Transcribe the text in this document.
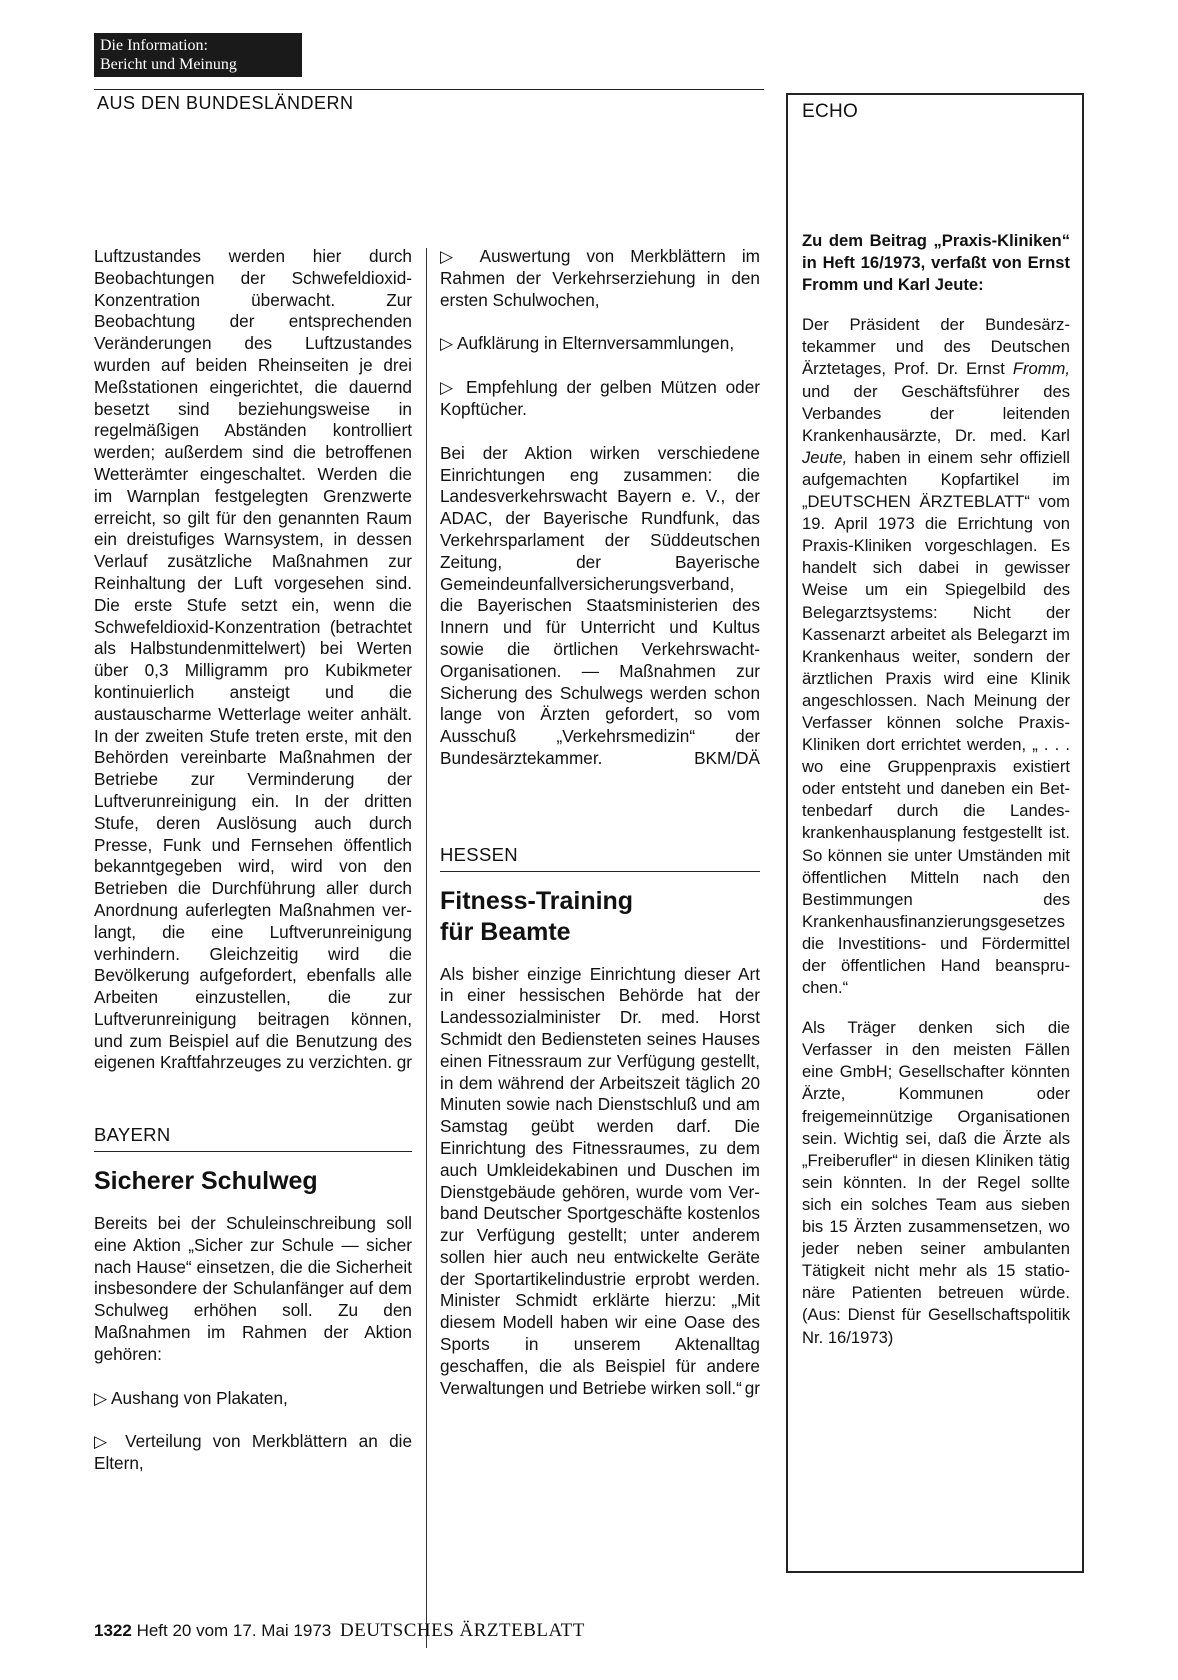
Die Information:
Bericht und Meinung
AUS DEN BUNDESLÄNDERN

Luftzustandes werden hier durch Beobachtungen der Schwefeldioxid-Konzentration überwacht. Zur Beobachtung der entsprechenden Veränderungen des Luftzustandes wurden auf beiden Rheinseiten je drei Meßstationen eingerichtet, die dauernd besetzt sind beziehungsweise in regelmäßigen Abständen kontrolliert werden; außerdem sind die betroffenen Wetterämter eingeschaltet. Werden die im Warnplan festgelegten Grenzwerte erreicht, so gilt für den genannten Raum ein dreistufiges Warnsystem, in dessen Verlauf zusätzliche Maßnahmen zur Reinhaltung der Luft vorgesehen sind. Die erste Stufe setzt ein, wenn die Schwefeldioxid-Konzentration (betrachtet als Halbstundenmittelwert) bei Werten über 0,3 Milligramm pro Kubikmeter kontinuierlich ansteigt und die austauscharme Wetterlage weiter anhält. In der zweiten Stufe treten erste, mit den Behörden vereinbarte Maßnahmen der Betriebe zur Verminderung der Luftverunreinigung ein. In der dritten Stufe, deren Auslösung auch durch Presse, Funk und Fernsehen öffentlich bekanntgegeben wird, wird von den Betrieben die Durchführung aller durch Anordnung auferlegten Maßnahmen verlangt, die eine Luftverunreinigung verhindern. Gleichzeitig wird die Bevölkerung aufgefordert, ebenfalls alle Arbeiten einzustellen, die zur Luftverunreinigung beitragen können, und zum Beispiel auf die Benutzung des eigenen Kraftfahrzeuges zu verzichten. gr

BAYERN
Sicherer Schulweg

Bereits bei der Schuleinschreibung soll eine Aktion „Sicher zur Schule — sicher nach Hause“ einsetzen, die die Sicherheit insbesondere der Schulanfänger auf dem Schulweg erhöhen soll. Zu den Maßnahmen im Rahmen der Aktion gehören:

▷ Aushang von Plakaten,

▷ Verteilung von Merkblättern an die Eltern,

▷ Auswertung von Merkblättern im Rahmen der Verkehrserziehung in den ersten Schulwochen,

▷ Aufklärung in Elternversammlungen,

▷ Empfehlung der gelben Mützen oder Kopftücher.

Bei der Aktion wirken verschiedene Einrichtungen eng zusammen: die Landesverkehrswacht Bayern e. V., der ADAC, der Bayerische Rundfunk, das Verkehrsparlament der Süddeutschen Zeitung, der Bayerische Gemeindeunfallversicherungsverband, die Bayerischen Staatsministerien des Innern und für Unterricht und Kultus sowie die örtlichen Verkehrswacht-Organisationen. — Maßnahmen zur Sicherung des Schulwegs werden schon lange von Ärzten gefordert, so vom Ausschuß „Verkehrsmedizin“ der Bundesärztekammer.	BKM/DÄ

HESSEN
Fitness-Training
für Beamte

Als bisher einzige Einrichtung dieser Art in einer hessischen Behörde hat der Landessozialminister Dr. med. Horst Schmidt den Bediensteten seines Hauses einen Fitnessraum zur Verfügung gestellt, in dem während der Arbeitszeit täglich 20 Minuten sowie nach Dienstschluß und am Samstag geübt werden darf. Die Einrichtung des Fitnessraumes, zu dem auch Umkleidekabinen und Duschen im Dienstgebäude gehören, wurde vom Verband Deutscher Sportgeschäfte kostenlos zur Verfügung gestellt; unter anderem sollen hier auch neu entwickelte Geräte der Sportartikelindustrie erprobt werden. Minister Schmidt erklärte hierzu: „Mit diesem Modell haben wir eine Oase des Sports in unserem Aktenalltag geschaffen, die als Beispiel für andere Verwaltungen und Betriebe wirken soll.“ gr

ECHO

Zu dem Beitrag „Praxis-Kliniken“ in Heft 16/1973, verfaßt von Ernst Fromm und Karl Jeute:

Der Präsident der Bundesärztekammer und des Deutschen Ärztetages, Prof. Dr. Ernst Fromm, und der Geschäftsführer des Verbandes der leitenden Krankenhausärzte, Dr. med. Karl Jeute, haben in einem sehr offiziell aufgemachten Kopfartikel im „DEUTSCHEN ÄRZTEBLATT“ vom 19. April 1973 die Errichtung von Praxis-Kliniken vorgeschlagen. Es handelt sich dabei in gewisser Weise um ein Spiegelbild des Belegarztsystems: Nicht der Kassenarzt arbeitet als Belegarzt im Krankenhaus weiter, sondern der ärztlichen Praxis wird eine Klinik angeschlossen. Nach Meinung der Verfasser können solche Praxis-Kliniken dort errichtet werden, „ . . . wo eine Gruppenpraxis existiert oder entsteht und daneben ein Bettenbedarf durch die Landeskrankenhausplanung festgestellt ist. So können sie unter Umständen mit öffentlichen Mitteln nach den Bestimmungen des Krankenhausfinanzierungsgesetzes die Investitions- und Fördermittel der öffentlichen Hand beanspruchen.“

Als Träger denken sich die Verfasser in den meisten Fällen eine GmbH; Gesellschafter könnten Ärzte, Kommunen oder freigemeinnützige Organisationen sein. Wichtig sei, daß die Ärzte als „Freiberufler“ in diesen Kliniken tätig sein könnten. In der Regel sollte sich ein solches Team aus sieben bis 15 Ärzten zusammensetzen, wo jeder neben seiner ambulanten Tätigkeit nicht mehr als 15 stationäre Patienten betreuen würde. (Aus: Dienst für Gesellschaftspolitik Nr. 16/1973)

1322 Heft 20 vom 17. Mai 1973 DEUTSCHES ÄRZTEBLATT
